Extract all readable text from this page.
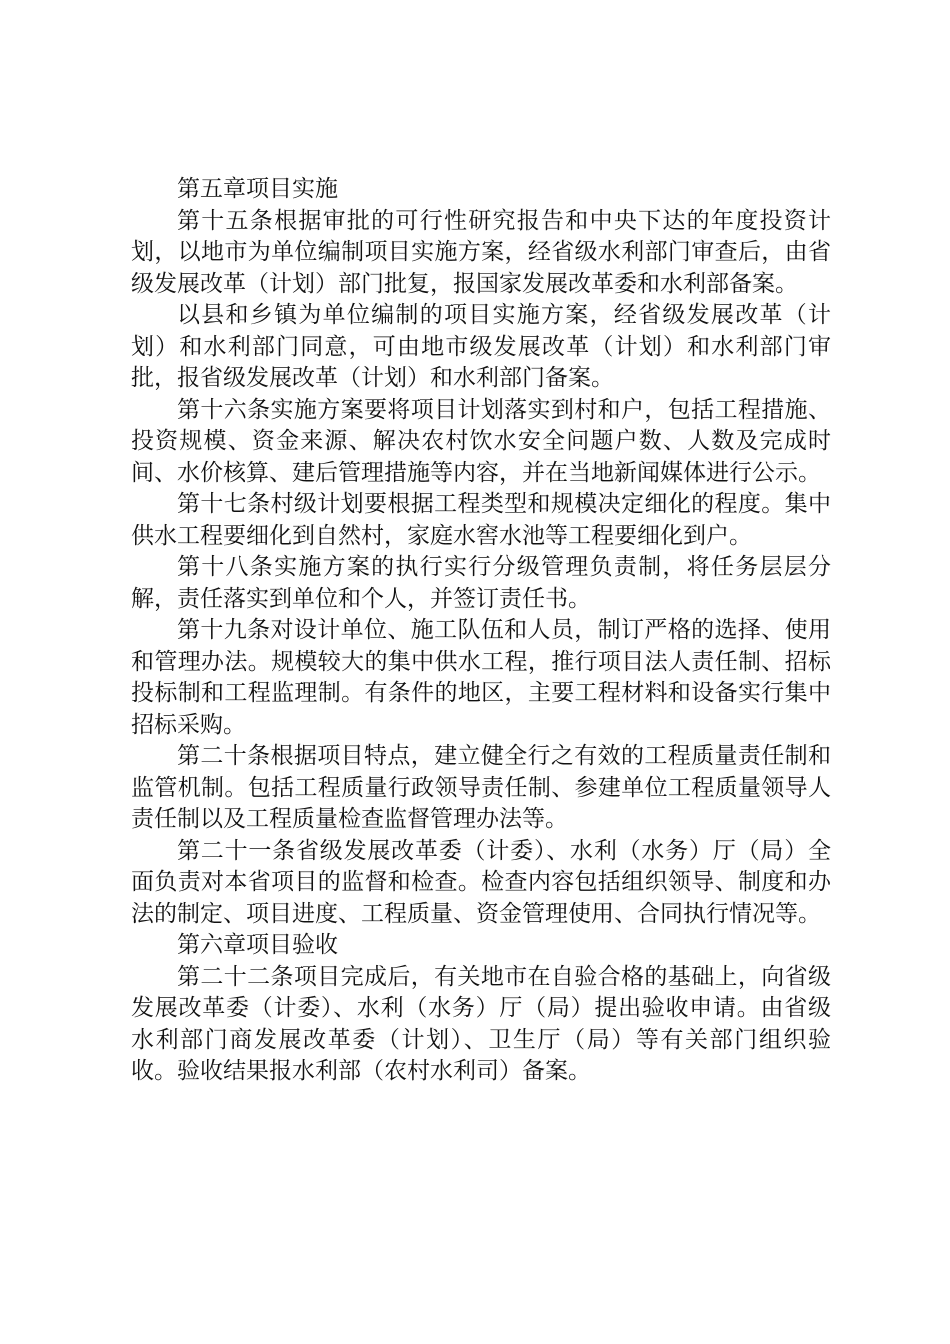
第五章项目实施

第十五条根据审批的可行性研究报告和中央下达的年度投资计划，以地市为单位编制项目实施方案，经省级水利部门审查后，由省级发展改革（计划）部门批复，报国家发展改革委和水利部备案。

以县和乡镇为单位编制的项目实施方案，经省级发展改革（计划）和水利部门同意，可由地市级发展改革（计划）和水利部门审批，报省级发展改革（计划）和水利部门备案。

第十六条实施方案要将项目计划落实到村和户，包括工程措施、投资规模、资金来源、解决农村饮水安全问题户数、人数及完成时间、水价核算、建后管理措施等内容，并在当地新闻媒体进行公示。

第十七条村级计划要根据工程类型和规模决定细化的程度。集中供水工程要细化到自然村，家庭水窖水池等工程要细化到户。

第十八条实施方案的执行实行分级管理负责制，将任务层层分解，责任落实到单位和个人，并签订责任书。

第十九条对设计单位、施工队伍和人员，制订严格的选择、使用和管理办法。规模较大的集中供水工程，推行项目法人责任制、招标投标制和工程监理制。有条件的地区，主要工程材料和设备实行集中招标采购。

第二十条根据项目特点，建立健全行之有效的工程质量责任制和监管机制。包括工程质量行政领导责任制、参建单位工程质量领导人责任制以及工程质量检查监督管理办法等。

第二十一条省级发展改革委（计委）、水利（水务）厅（局）全面负责对本省项目的监督和检查。检查内容包括组织领导、制度和办法的制定、项目进度、工程质量、资金管理使用、合同执行情况等。

第六章项目验收

第二十二条项目完成后，有关地市在自验合格的基础上，向省级发展改革委（计委）、水利（水务）厅（局）提出验收申请。由省级水利部门商发展改革委（计划）、卫生厅（局）等有关部门组织验收。验收结果报水利部（农村水利司）备案。
